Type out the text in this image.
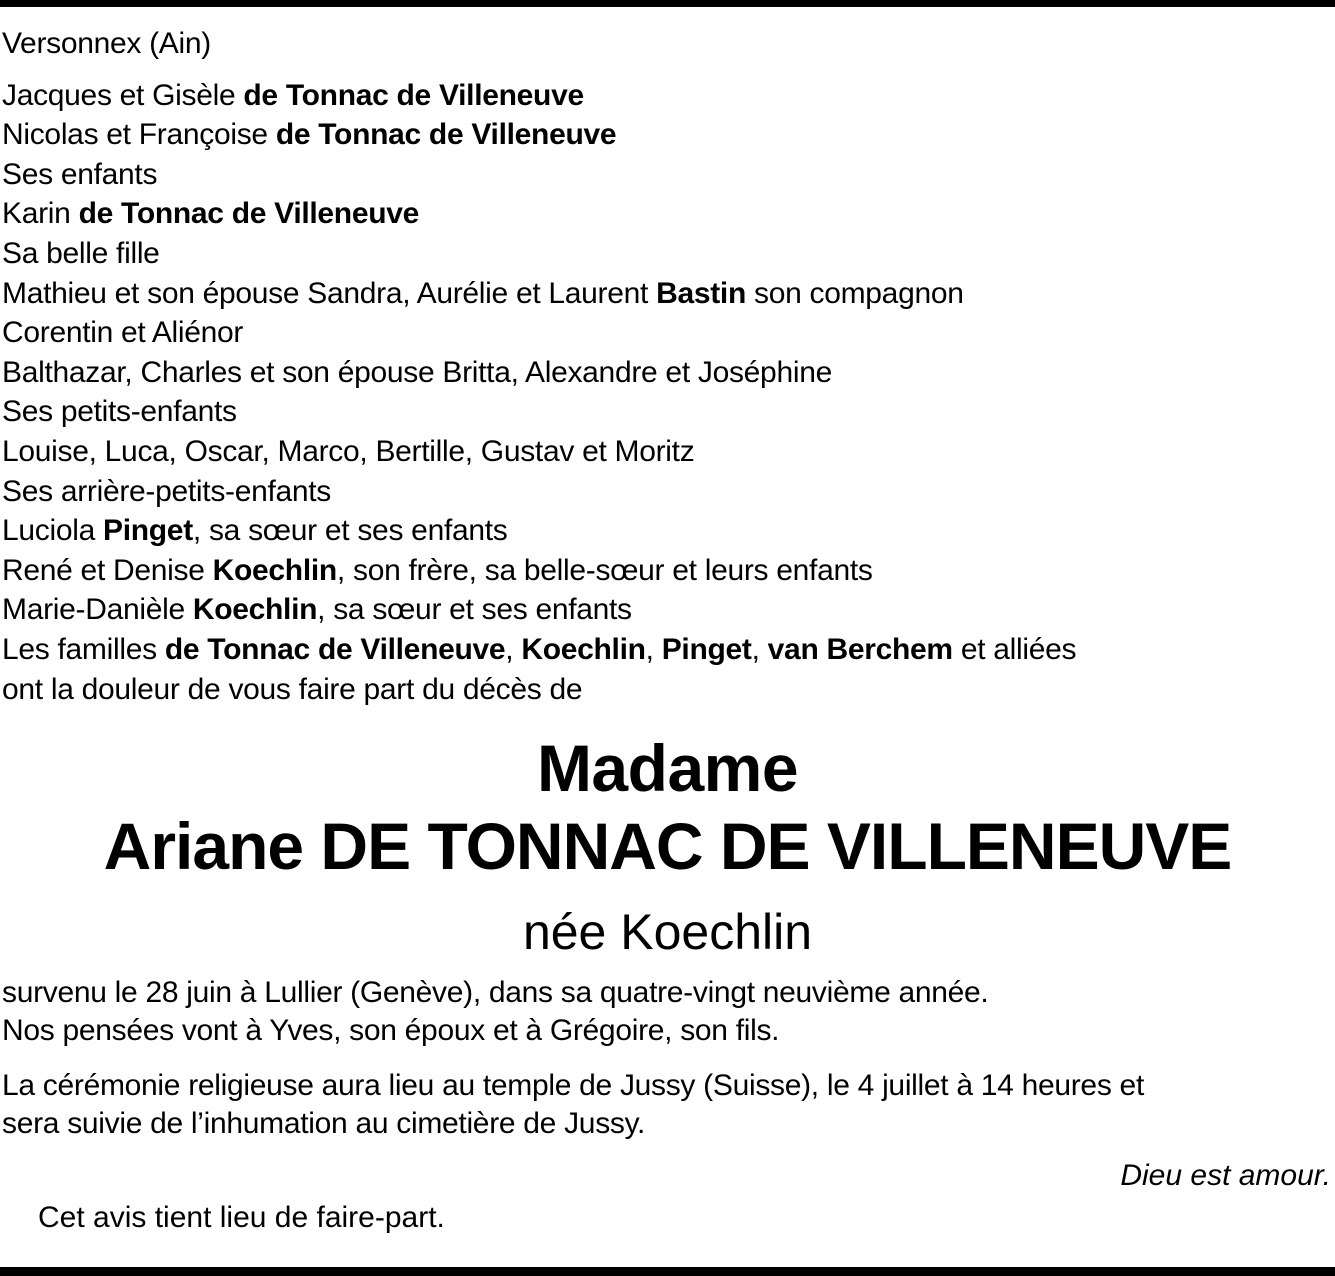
Versonnex (Ain)
Jacques et Gisèle de Tonnac de Villeneuve
Nicolas et Françoise de Tonnac de Villeneuve
Ses enfants
Karin de Tonnac de Villeneuve
Sa belle fille
Mathieu et son épouse Sandra, Aurélie et Laurent Bastin son compagnon
Corentin et Aliénor
Balthazar, Charles et son épouse Britta, Alexandre et Joséphine
Ses petits-enfants
Louise, Luca, Oscar, Marco, Bertille, Gustav et Moritz
Ses arrière-petits-enfants
Luciola Pinget, sa sœur et ses enfants
René et Denise Koechlin, son frère, sa belle-sœur et leurs enfants
Marie-Danièle Koechlin, sa sœur et ses enfants
Les familles de Tonnac de Villeneuve, Koechlin, Pinget, van Berchem et alliées
ont la douleur de vous faire part du décès de
Madame
Ariane DE TONNAC DE VILLENEUVE
née Koechlin
survenu le 28 juin à Lullier (Genève), dans sa quatre-vingt neuvième année.
Nos pensées vont à Yves, son époux et à Grégoire, son fils.
La cérémonie religieuse aura lieu au temple de Jussy (Suisse), le 4 juillet à 14 heures et
sera suivie de l’inhumation au cimetière de Jussy.
Dieu est amour.
Cet avis tient lieu de faire-part.
